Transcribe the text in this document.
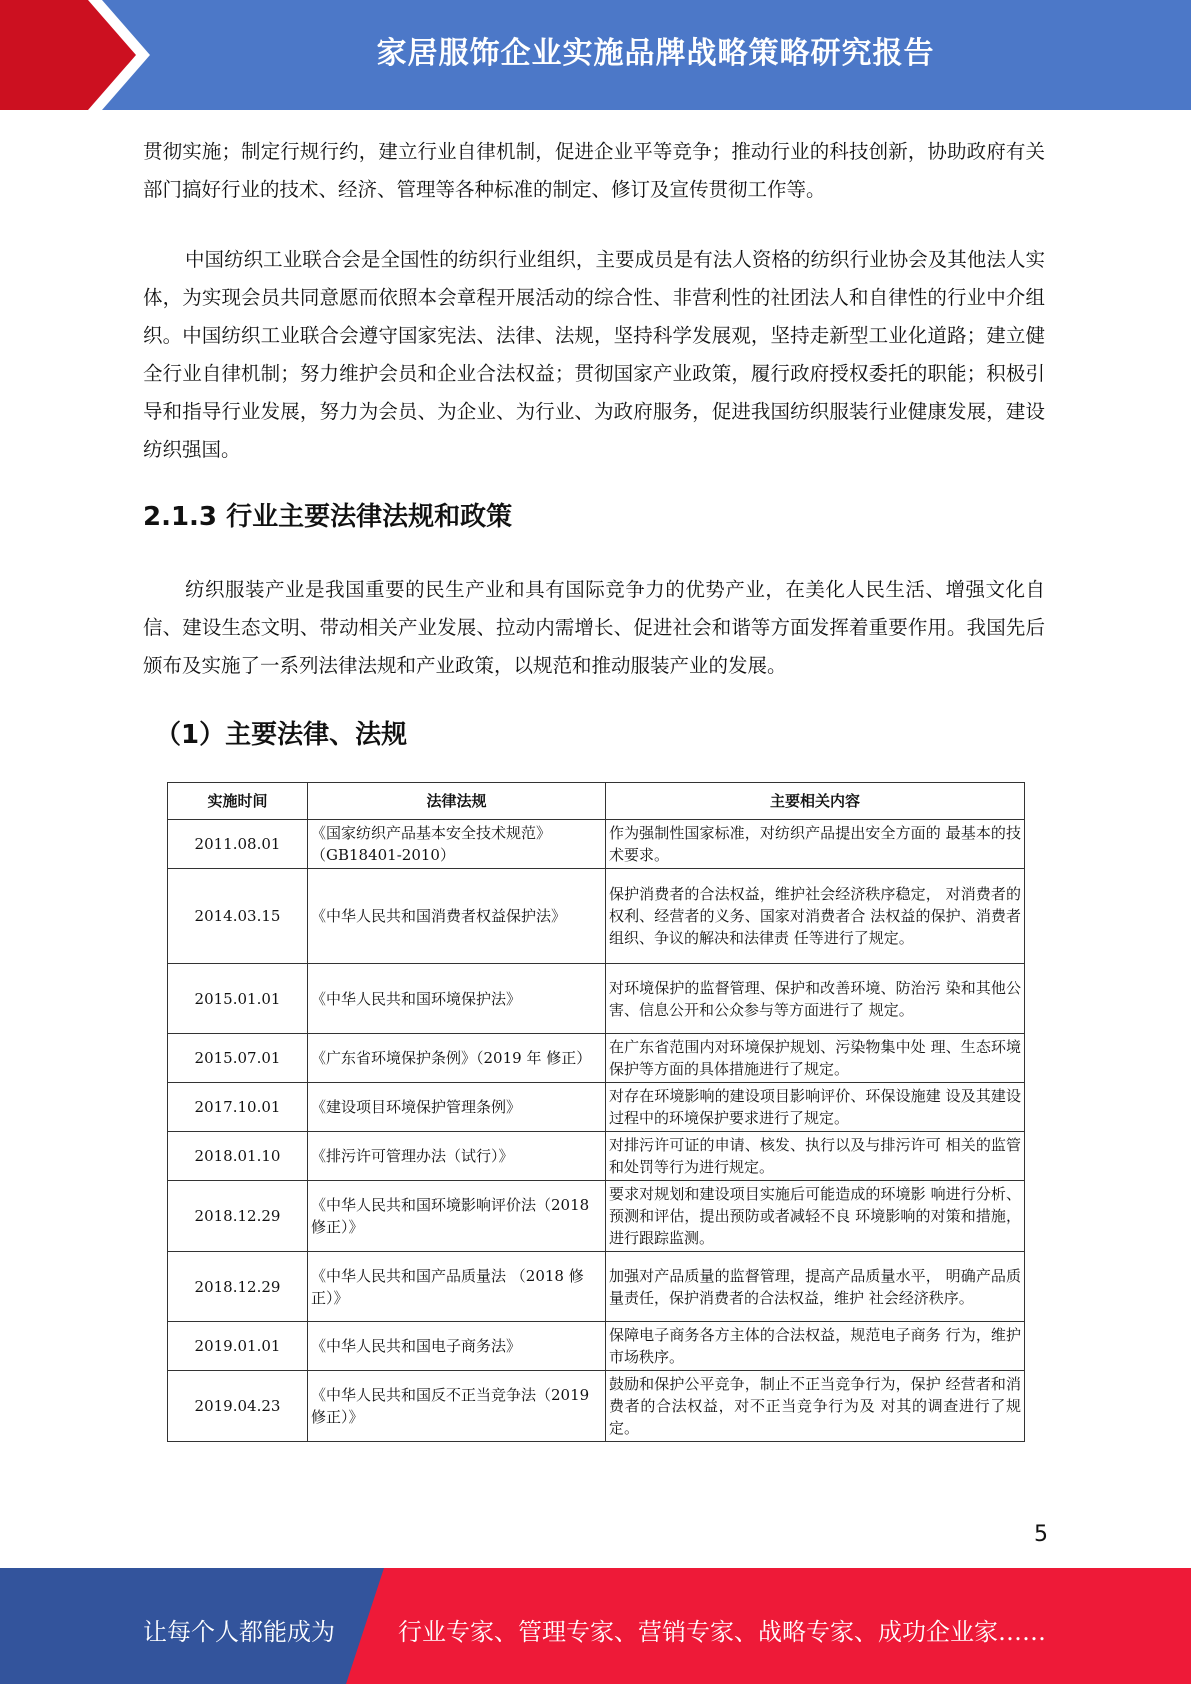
家居服饰企业实施品牌战略策略研究报告

贯彻实施；制定行规行约，建立行业自律机制，促进企业平等竞争；推动行业的科技创新，协助政府有关部门搞好行业的技术、经济、管理等各种标准的制定、修订及宣传贯彻工作等。

中国纺织工业联合会是全国性的纺织行业组织，主要成员是有法人资格的纺织行业协会及其他法人实体，为实现会员共同意愿而依照本会章程开展活动的综合性、非营利性的社团法人和自律性的行业中介组织。中国纺织工业联合会遵守国家宪法、法律、法规，坚持科学发展观，坚持走新型工业化道路；建立健全行业自律机制；努力维护会员和企业合法权益；贯彻国家产业政策，履行政府授权委托的职能；积极引导和指导行业发展，努力为会员、为企业、为行业、为政府服务，促进我国纺织服装行业健康发展，建设纺织强国。

2.1.3 行业主要法律法规和政策

纺织服装产业是我国重要的民生产业和具有国际竞争力的优势产业，在美化人民生活、增强文化自信、建设生态文明、带动相关产业发展、拉动内需增长、促进社会和谐等方面发挥着重要作用。我国先后颁布及实施了一系列法律法规和产业政策，以规范和推动服装产业的发展。

（1）主要法律、法规
实施时间	法律法规	主要相关内容
2011.08.01	《国家纺织产品基本安全技术规范》（GB18401-2010）	作为强制性国家标准，对纺织产品提出安全方面的 最基本的技术要求。
2014.03.15	《中华人民共和国消费者权益保护法》	保护消费者的合法权益，维护社会经济秩序稳定， 对消费者的权利、经营者的义务、国家对消费者合 法权益的保护、消费者组织、争议的解决和法律责 任等进行了规定。
2015.01.01	《中华人民共和国环境保护法》	对环境保护的监督管理、保护和改善环境、防治污 染和其他公害、信息公开和公众参与等方面进行了 规定。
2015.07.01	《广东省环境保护条例》（2019 年 修正）	在广东省范围内对环境保护规划、污染物集中处 理、生态环境保护等方面的具体措施进行了规定。
2017.10.01	《建设项目环境保护管理条例》	对存在环境影响的建设项目影响评价、环保设施建 设及其建设过程中的环境保护要求进行了规定。
2018.01.10	《排污许可管理办法（试行）》	对排污许可证的申请、核发、执行以及与排污许可 相关的监管和处罚等行为进行规定。
2018.12.29	《中华人民共和国环境影响评价法（2018 修正）》	要求对规划和建设项目实施后可能造成的环境影 响进行分析、预测和评估，提出预防或者减轻不良 环境影响的对策和措施，进行跟踪监测。
2018.12.29	《中华人民共和国产品质量法 （2018 修正）》	加强对产品质量的监督管理，提高产品质量水平， 明确产品质量责任，保护消费者的合法权益，维护 社会经济秩序。
2019.01.01	《中华人民共和国电子商务法》	保障电子商务各方主体的合法权益，规范电子商务 行为，维护市场秩序。
2019.04.23	《中华人民共和国反不正当竞争法（2019 修正）》	鼓励和保护公平竞争，制止不正当竞争行为，保护 经营者和消费者的合法权益，对不正当竞争行为及 对其的调查进行了规定。
5
让每个人都能成为	行业专家、管理专家、营销专家、战略专家、成功企业家……
